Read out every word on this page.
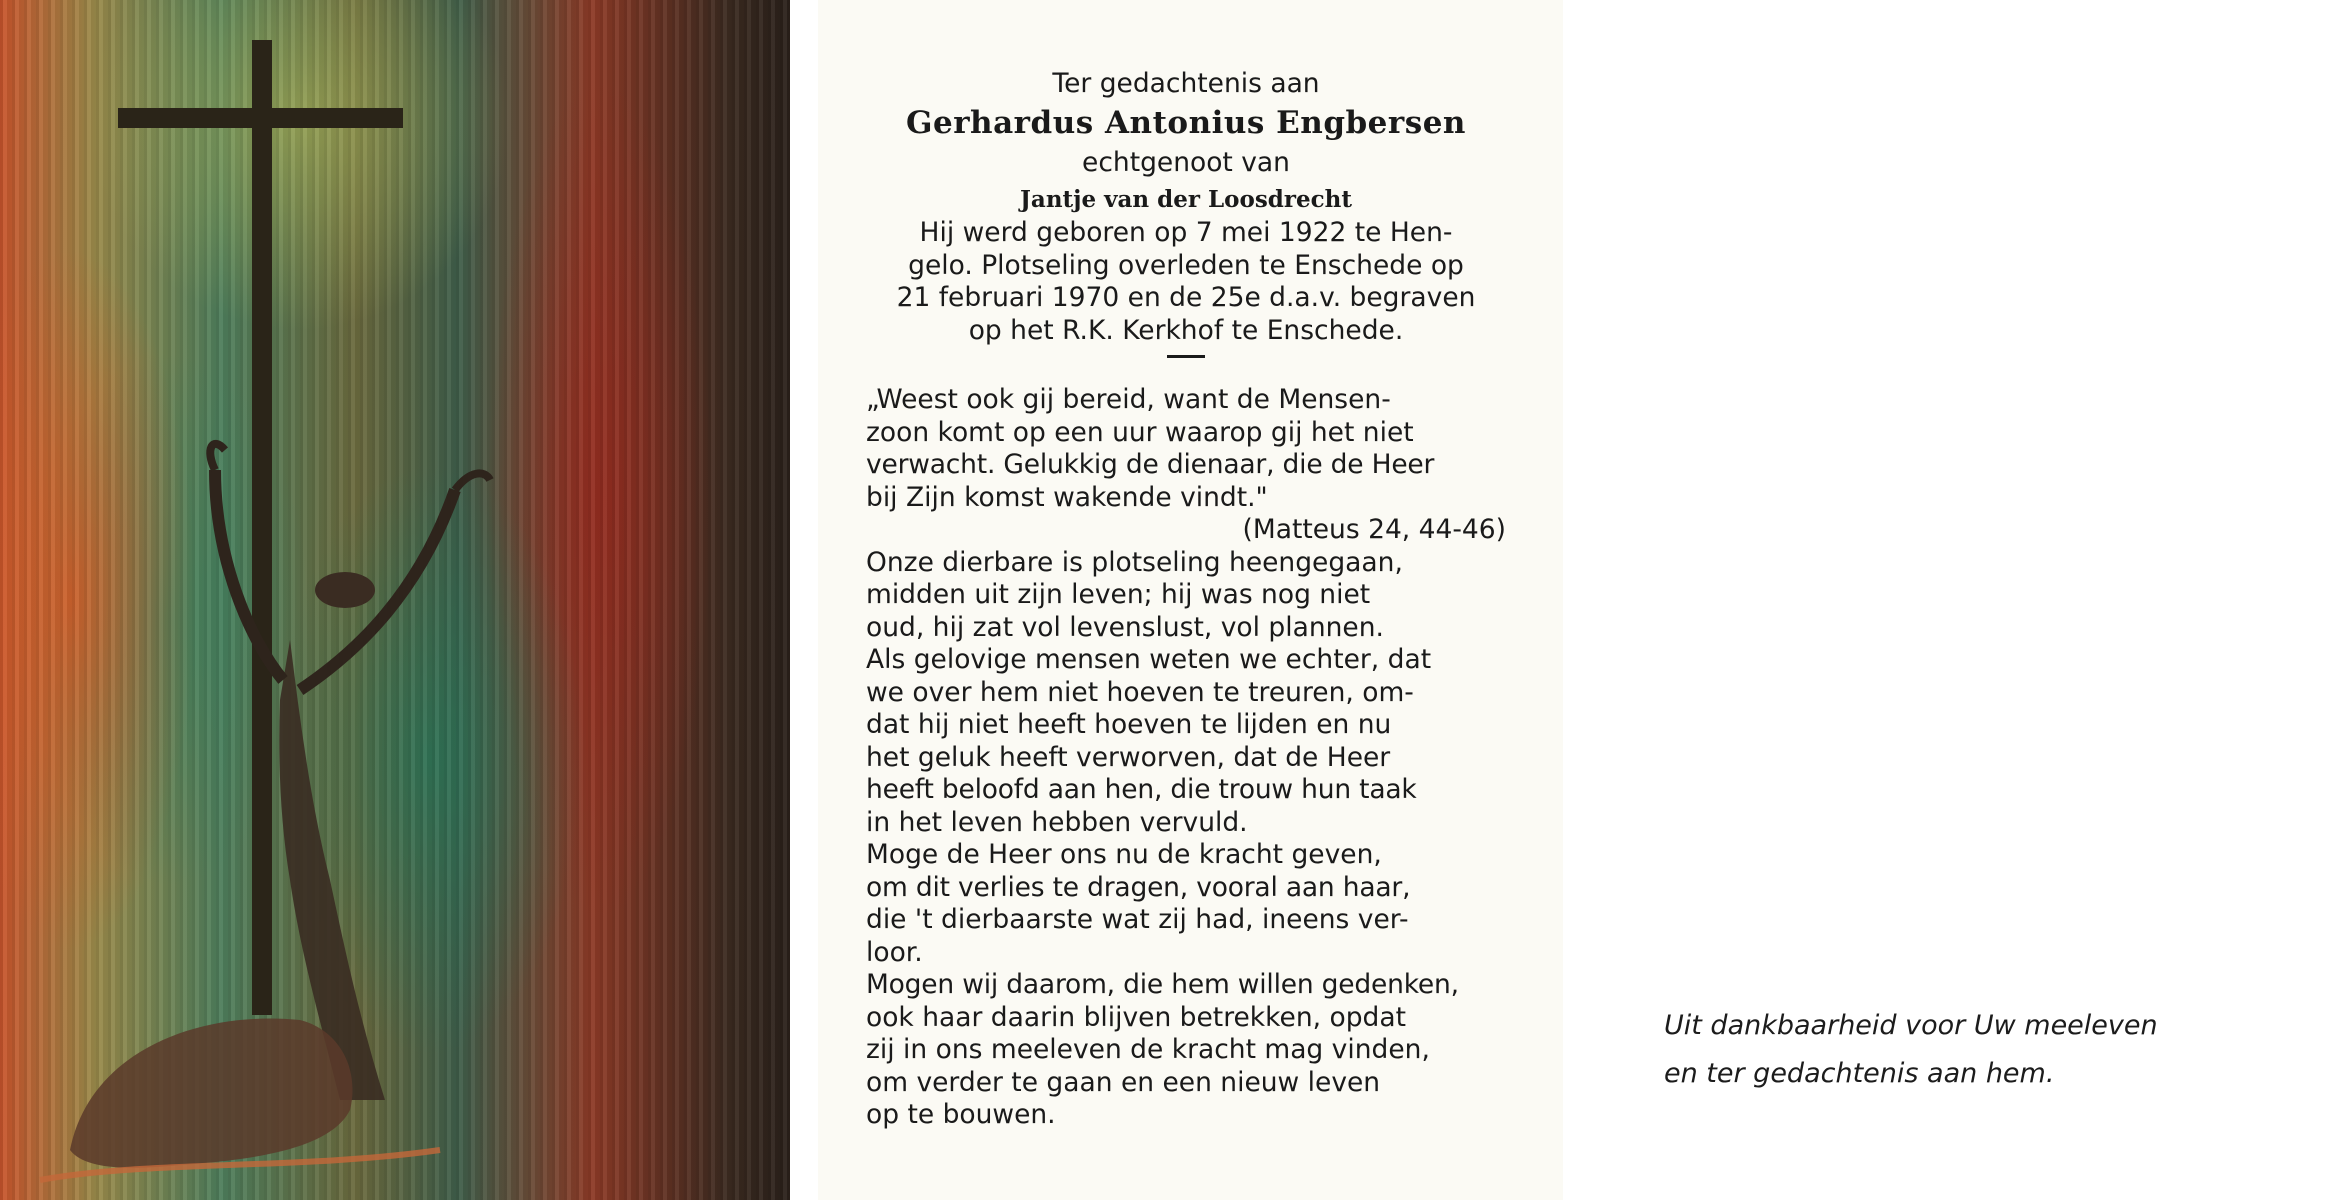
Ter gedachtenis aan
Gerhardus Antonius Engbersen
echtgenoot van
Jantje van der Loosdrecht
Hij werd geboren op 7 mei 1922 te Hen-
gelo. Plotseling overleden te Enschede op
21 februari 1970 en de 25e d.a.v. begraven
op het R.K. Kerkhof te Enschede.
„Weest ook gij bereid, want de Mensen-
zoon komt op een uur waarop gij het niet
verwacht. Gelukkig de dienaar, die de Heer
bij Zijn komst wakende vindt."
(Matteus 24, 44-46)
Onze dierbare is plotseling heengegaan,
midden uit zijn leven; hij was nog niet
oud, hij zat vol levenslust, vol plannen.
Als gelovige mensen weten we echter, dat
we over hem niet hoeven te treuren, om-
dat hij niet heeft hoeven te lijden en nu
het geluk heeft verworven, dat de Heer
heeft beloofd aan hen, die trouw hun taak
in het leven hebben vervuld.
Moge de Heer ons nu de kracht geven,
om dit verlies te dragen, vooral aan haar,
die 't dierbaarste wat zij had, ineens ver-
loor.
Mogen wij daarom, die hem willen gedenken,
ook haar daarin blijven betrekken, opdat
zij in ons meeleven de kracht mag vinden,
om verder te gaan en een nieuw leven
op te bouwen.
Uit dankbaarheid voor Uw meeleven
en ter gedachtenis aan hem.
